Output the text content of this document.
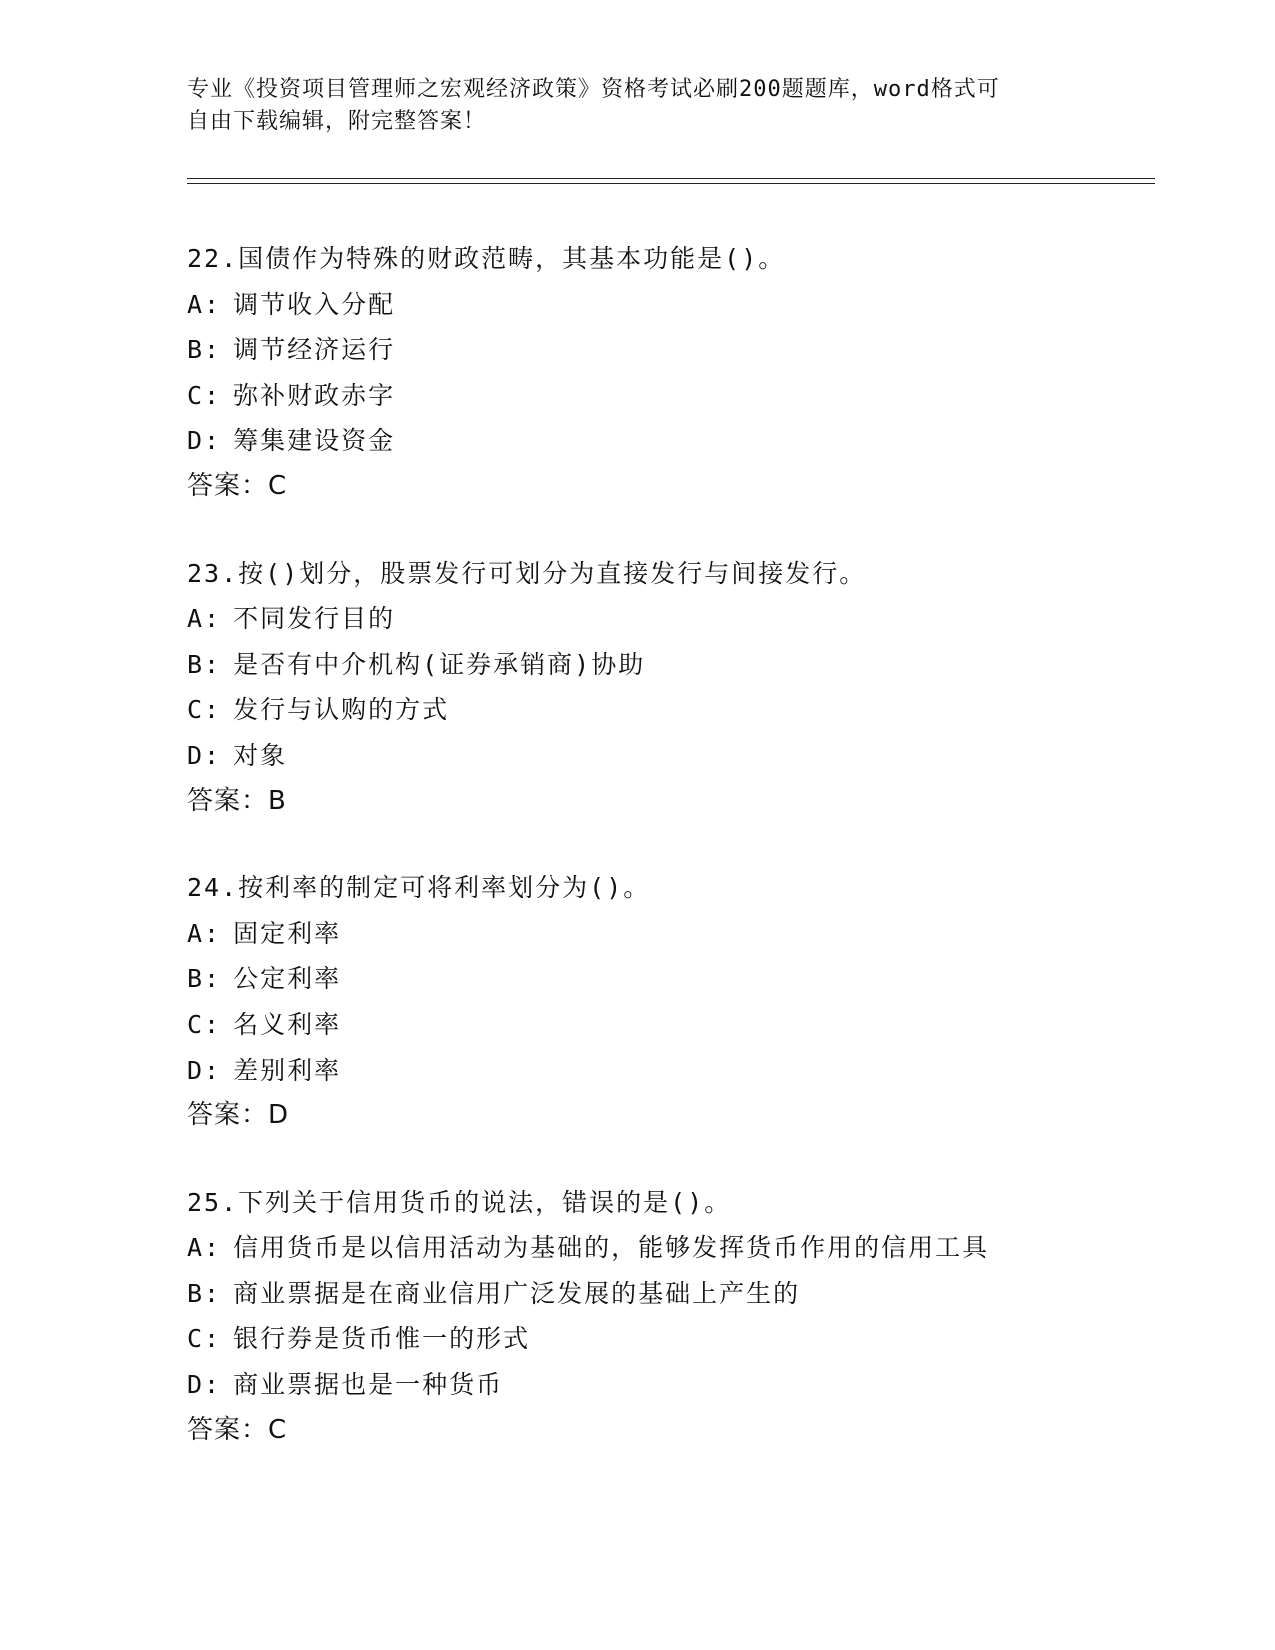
专业《投资项目管理师之宏观经济政策》资格考试必刷200题题库，word格式可
自由下载编辑，附完整答案！
22.国债作为特殊的财政范畴，其基本功能是()。
A: 调节收入分配
B: 调节经济运行
C: 弥补财政赤字
D: 筹集建设资金
答案：C
23.按()划分，股票发行可划分为直接发行与间接发行。
A: 不同发行目的
B: 是否有中介机构(证券承销商)协助
C: 发行与认购的方式
D: 对象
答案：B
24.按利率的制定可将利率划分为()。
A: 固定利率
B: 公定利率
C: 名义利率
D: 差别利率
答案：D
25.下列关于信用货币的说法，错误的是()。
A: 信用货币是以信用活动为基础的，能够发挥货币作用的信用工具
B: 商业票据是在商业信用广泛发展的基础上产生的
C: 银行券是货币惟一的形式
D: 商业票据也是一种货币
答案：C
